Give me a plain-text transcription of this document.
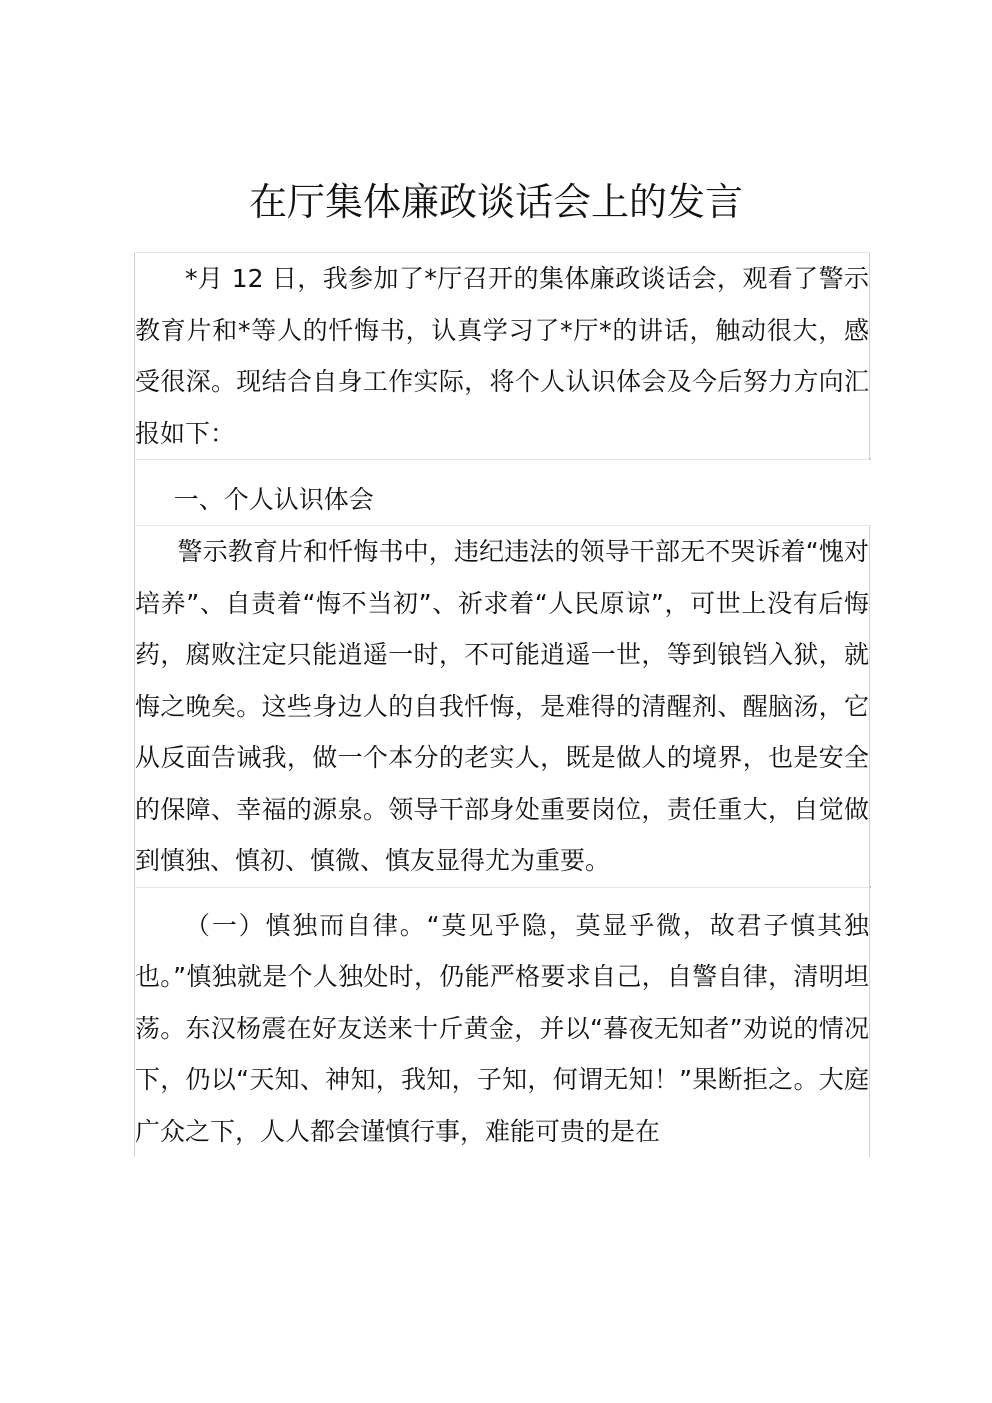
在厅集体廉政谈话会上的发言

*月 12 日，我参加了*厅召开的集体廉政谈话会，观看了警示教育片和*等人的忏悔书，认真学习了*厅*的讲话，触动很大，感受很深。现结合自身工作实际，将个人认识体会及今后努力方向汇报如下：

一、个人认识体会

警示教育片和忏悔书中，违纪违法的领导干部无不哭诉着“愧对培养”、自责着“悔不当初”、祈求着“人民原谅”，可世上没有后悔药，腐败注定只能逍遥一时，不可能逍遥一世，等到锒铛入狱，就悔之晚矣。这些身边人的自我忏悔，是难得的清醒剂、醒脑汤，它从反面告诫我，做一个本分的老实人，既是做人的境界，也是安全的保障、幸福的源泉。领导干部身处重要岗位，责任重大，自觉做到慎独、慎初、慎微、慎友显得尤为重要。

（一）慎独而自律。“莫见乎隐，莫显乎微，故君子慎其独也。”慎独就是个人独处时，仍能严格要求自己，自警自律，清明坦荡。东汉杨震在好友送来十斤黄金，并以“暮夜无知者”劝说的情况下，仍以“天知、神知，我知，子知，何谓无知！”果断拒之。大庭广众之下，人人都会谨慎行事，难能可贵的是在
